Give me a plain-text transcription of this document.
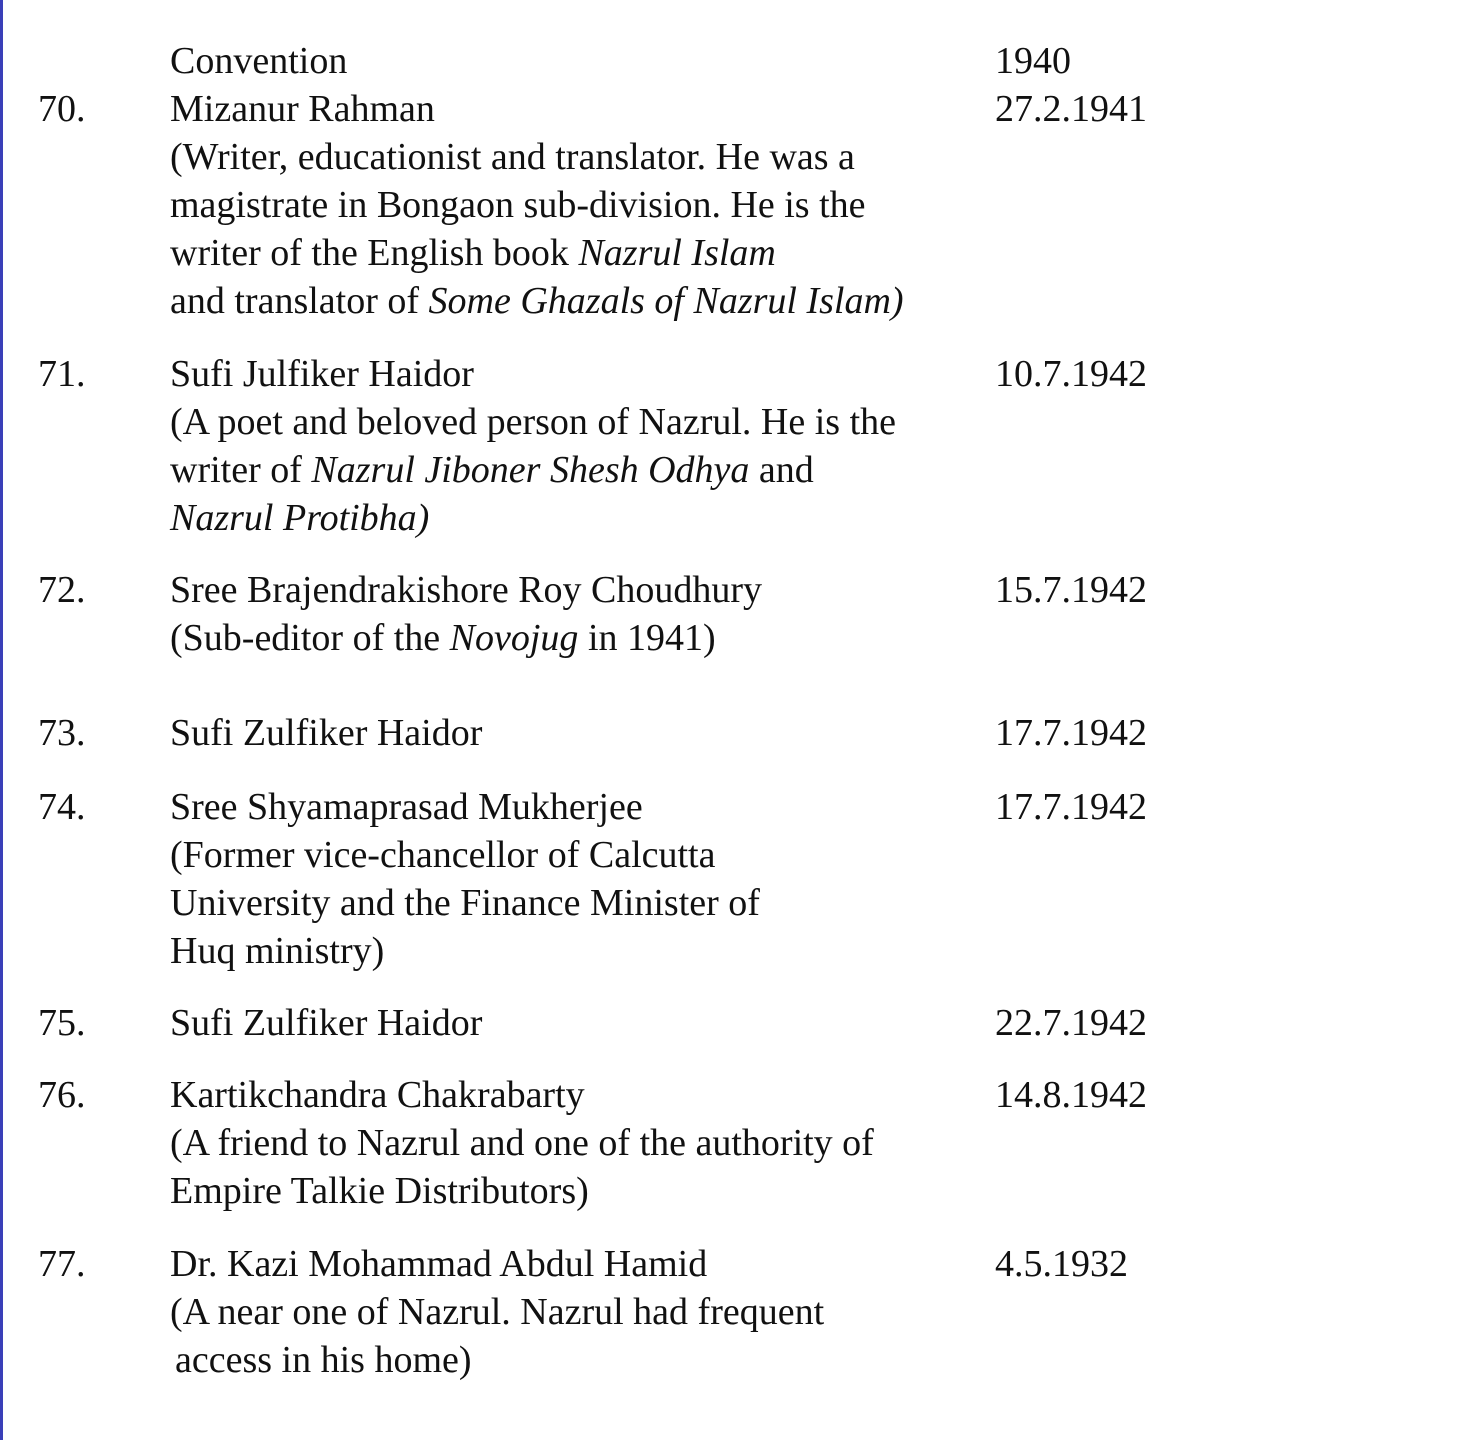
Convention	1940
70.	Mizanur Rahman
(Writer, educationist and translator. He was a
magistrate in Bongaon sub-division. He is the
writer of the English book Nazrul Islam
and translator of Some Ghazals of Nazrul Islam)
27.2.1941
71.	Sufi Julfiker Haidor
(A poet and beloved person of Nazrul. He is the
writer of Nazrul Jiboner Shesh Odhya and
Nazrul Protibha)
10.7.1942
72.	Sree Brajendrakishore Roy Choudhury
(Sub-editor of the Novojug in 1941)
15.7.1942
73.	Sufi Zulfiker Haidor	17.7.1942
74.	Sree Shyamaprasad Mukherjee
(Former vice-chancellor of Calcutta
University and the Finance Minister of
Huq ministry)
17.7.1942
75.	Sufi Zulfiker Haidor	22.7.1942
76.	Kartikchandra Chakrabarty
(A friend to Nazrul and one of the authority of
Empire Talkie Distributors)
14.8.1942
77.	Dr. Kazi Mohammad Abdul Hamid
(A near one of Nazrul. Nazrul had frequent
access in his home)
4.5.1932
